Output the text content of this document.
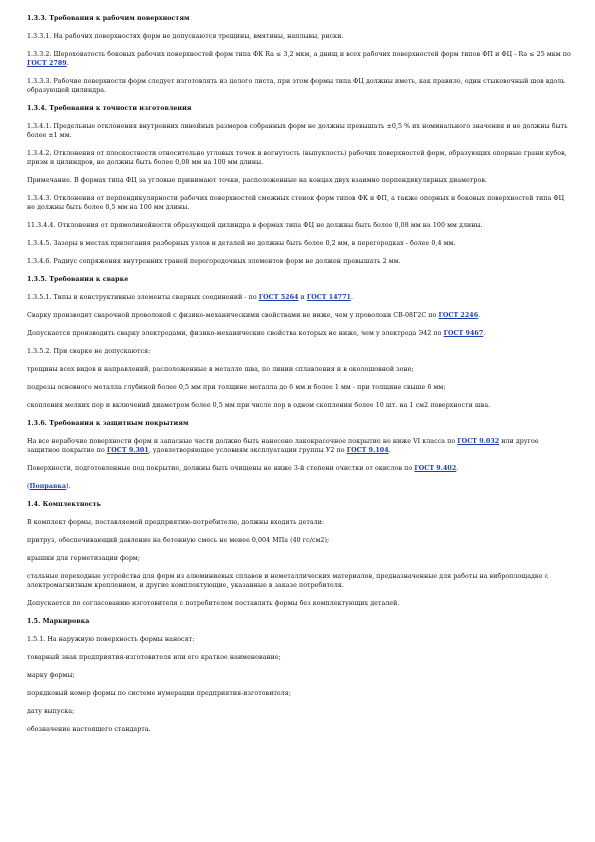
1.3.3. Требования к рабочим поверхностям
1.3.3.1. На рабочих поверхностях форм не допускаются трещины, вмятины, наплывы, риски.
1.3.3.2. Шероховатость боковых рабочих поверхностей форм типа ФК Ra ≤ 3,2 мкм, а днищ и всех рабочих поверхностей форм типов ФП и ФЦ - Ra ≤ 25 мкм по ГОСТ 2789.
1.3.3.3. Рабочие поверхности форм следует изготовлять из целого листа, при этом формы типа ФЦ должны иметь, как правило, один стыковочный шов вдоль образующей цилиндра.
1.3.4. Требования к точности изготовления
1.3.4.1. Предельные отклонения внутренних линейных размеров собранных форм не должны превышать ±0,5 % их номинального значения и не должны быть более ±1 мм.
1.3.4.2. Отклонения от плоскостности относительно угловых точек и вогнутость (выпуклость) рабочих поверхностей форм, образующих опорные грани кубов, призм и цилиндров, не должны быть более 0,08 мм на 100 мм длины.
Примечание. В формах типа ФЦ за угловые принимают точки, расположенные на концах двух взаимно перпендикулярных диаметров.
1.3.4.3. Отклонения от перпендикулярности рабочих поверхностей смежных стенок форм типов ФК и ФП, а также опорных и боковых поверхностей типа ФЦ не должны быть более 0,5 мм на 100 мм длины.
11.3.4.4. Отклонения от прямолинейности образующей цилиндра в формах типа ФЦ не должны быть более 0,08 мм на 100 мм длины.
1.3.4.5. Зазоры в местах прилегания разборных узлов и деталей не должны быть более 0,2 мм, в перегородках - более 0,4 мм.
1.3.4.6. Радиус сопряжения внутренних граней перегородочных элементов форм не должен превышать 2 мм.
1.3.5. Требования к сварке
1.3.5.1. Типы и конструктивные элементы сварных соединений - по ГОСТ 5264 и ГОСТ 14771.
Сварку производят сварочной проволокой с физико-механическими свойствами не ниже, чем у проволоки СВ-08Г2С по ГОСТ 2246.
Допускается производить сварку электродами, физико-механические свойства которых не ниже, чем у электрода Э42 по ГОСТ 9467.
1.3.5.2. При сварке не допускаются:
трещины всех видов и направлений, расположенные в металле шва, по линии сплавления и в околошовной зоне;
подрезы основного металла глубиной более 0,5 мм при толщине металла до 6 мм и более 1 мм - при толщине свыше 6 мм;
скопления мелких пор и включений диаметром более 0,5 мм при числе пор в одном скоплении более 10 шт. на 1 см2 поверхности шва.
1.3.6. Требования к защитным покрытиям
На все нерабочие поверхности форм и запасные части должно быть нанесено лакокрасочное покрытие не ниже VI класса по ГОСТ 9.032 или другое защитное покрытие по ГОСТ 9.301, удовлетворяющее условиям эксплуатации группы У2 по ГОСТ 9.104.
Поверхности, подготовленные под покрытие, должны быть очищены не ниже 3-й степени очистки от окислов по ГОСТ 9.402.
(Поправка).
1.4. Комплектность
В комплект формы, поставляемой предприятию-потребителю, должны входить детали:
притруз, обеспечивающий давление на бетонную смесь не менее 0,004 МПа (40 гс/см2);
крышки для герметизации форм;
стальные переходные устройства для форм из алюминиевых сплавов и неметаллических материалов, предназначенные для работы на виброплощадке с электромагнитным креплением, и другие комплектующие, указанные в заказе потребителя.
Допускается по согласованию изготовителя с потребителем поставлять формы без комплектующих деталей.
1.5. Маркировка
1.5.1. На наружную поверхность формы наносят:
товарный знак предприятия-изготовителя или его краткое наименование;
марку формы;
порядковый номер формы по системе нумерации предприятия-изготовителя;
дату выпуска;
обозначение настоящего стандарта.
